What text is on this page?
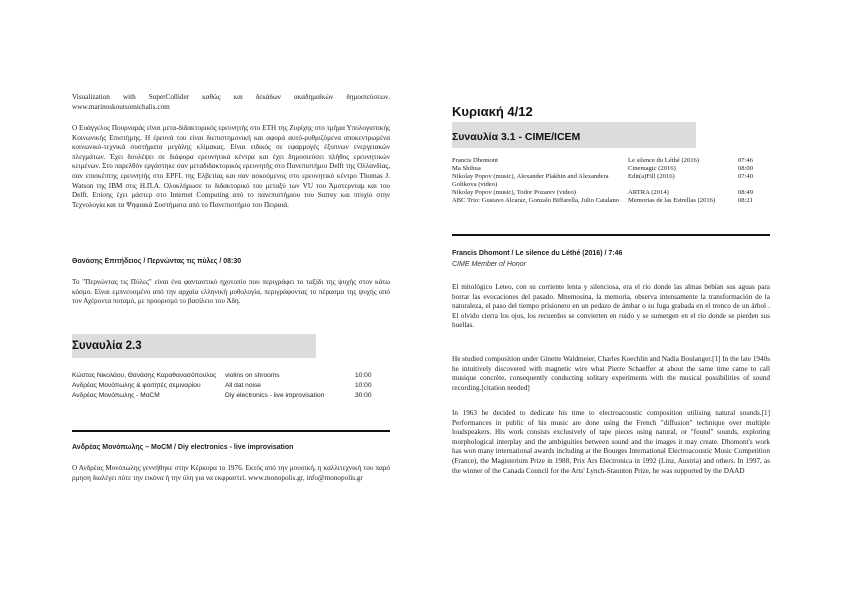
Visualization with SuperCollider καθώς και δεκάδων ακαδημαϊκών δημοσιεύσεων. www.marinoskoutsomichalis.com

Ο Ευάγγελος Πουρναράς είναι μετα-διδακτορικός ερευνητής στο ΕΤΗ της Ζυρίχης στο τμήμα Υπολογιστικής Κοινωνικής Επιστήμης. Η έρευνά του είναι διεπιστημονική και αφορά αυτό-ρυθμιζόμενα αποκεντρωμένα κοινωνικό-τεχνικά συστήματα μεγάλης κλίμακας. Είναι ειδικός σε εφαρμογές έξυπνων ενεργειακών πλεγμάτων. Έχει δουλέψει σε διάφορα ερευνητικά κέντρα και έχει δημοσιεύσει πλήθος ερευνητικών κειμένων. Στο παρελθόν εργάστηκε σαν μεταδιδακτορικός ερευνητής στο Πανεπιστήμιο Delft της Ολλανδίας, σαν επισκέπτης ερευνητής στο EPFL της Ελβετίας και σαν ασκούμενος στο ερευνητικό κέντρο Thomas J. Watson της IBM στις Η.Π.Α. Ολοκλήρωσε το διδακτορικό του μεταξύ των VU του Άμστερνταμ και του Delft. Επίσης έχει μάστερ στο Internet Computing από το πανεπιστήμιου του Surrey και πτυχίο στην Τεχνολογία και τα Ψηφιακά Συστήματα από το Πανεπιστήμιο του Πειραιά.

Θανάσης Επιτήδειος / Περνώντας τις πύλες / 08:30

Το "Περνώντας τις Πύλες" είναι ένα φανταστικό ηχοτοπίο που περιγράφει το ταξίδι της ψυχής στον κάτω κόσμο. Είναι εμπνευσμένο από την αρχαία ελληνική μυθολογία, περιγράφοντας το πέρασμα της ψυχής από τον Αχέροντα ποταμό, με προορισμό το βασίλειο του Άδη.

Συναυλία 2.3
Κώστας Νικολάου, Θανάσης Καραθανασόπουλος	violins on shrooms	10:00
Ανδρέας Μονόπωλης & φοιτητές σεμιναρίου	All dat noise	10:00
Ανδρέας Μονόπωλης - MoCM	Diy electronics - live improvisation	30:00
Ανδρέας Μονόπωλης – MoCM / Diy electronics - live improvisation

Ο Ανδρέας Μονόπωλης γεννήθηκε στην Κέρκυρα το 1976. Εκτός από την μουσική, η καλλιτεχνική του παρόρμηση διαλέγει πότε την εικόνα ή την ύλη για να εκφραστεί. www.monopolis.gr, info@monopolis.gr

Κυριακή 4/12
Συναυλία 3.1 - CIME/ICEM
Francis Dhomont	Le silence du Léthé (2016)	07:46
Ma Shihua	Cinemagic (2016)	08:00
Nikolay Popov (music), Alexander Plakhin and Alexandera Golikova (video)	Edit(a)Fill (2016)	07:40
Nikolay Popov (music), Todor Pozarev (video)	ARTRA (2014)	08:49
ABC Trio: Gustavo Alcaraz, Gonzalo Biffarella, Julio Catalano	Memorias de las Estrellas (2016)	08:21
Francis Dhomont / Le silence du Léthé (2016) / 7:46
CIME Member of Honor

El mitológico Leteo, con su corriente lenta y silenciosa, era el río donde las almas bebían sus aguas para borrar las evocaciones del pasado. Mnemosina, la memoria, observa intensamente la transformación de la naturaleza, el paso del tiempo prisionero en un pedazo de ámbar o su fuga grabada en el tronco de un árbol . El olvido cierra los ojos, los recuerdos se convierten en ruido y se sumergen en el río donde se pierden sus huellas.

He studied composition under Ginette Waldmeier, Charles Koechlin and Nadia Boulanger.[1] In the late 1940s he intuitively discovered with magnetic wire what Pierre Schaeffer at about the same time came to call musique concrète, consequently conducting solitary experiments with the musical possibilities of sound recording.[citation needed]

In 1963 he decided to dedicate his time to electroacoustic composition utilising natural sounds.[1] Performances in public of his music are done using the French "diffusion" technique over multiple loudspeakers. His work consists exclusively of tape pieces using natural, or "found" sounds, exploring morphological interplay and the ambiguities between sound and the images it may create. Dhomont's work has won many international awards including at the Bourges International Electroacoustic Music Competition (France), the Magisterium Prize in 1988, Prix Ars Electronica in 1992 (Linz, Austria) and others. In 1997, as the winner of the Canada Council for the Arts' Lynch-Staunton Prize, he was supported by the DAAD
